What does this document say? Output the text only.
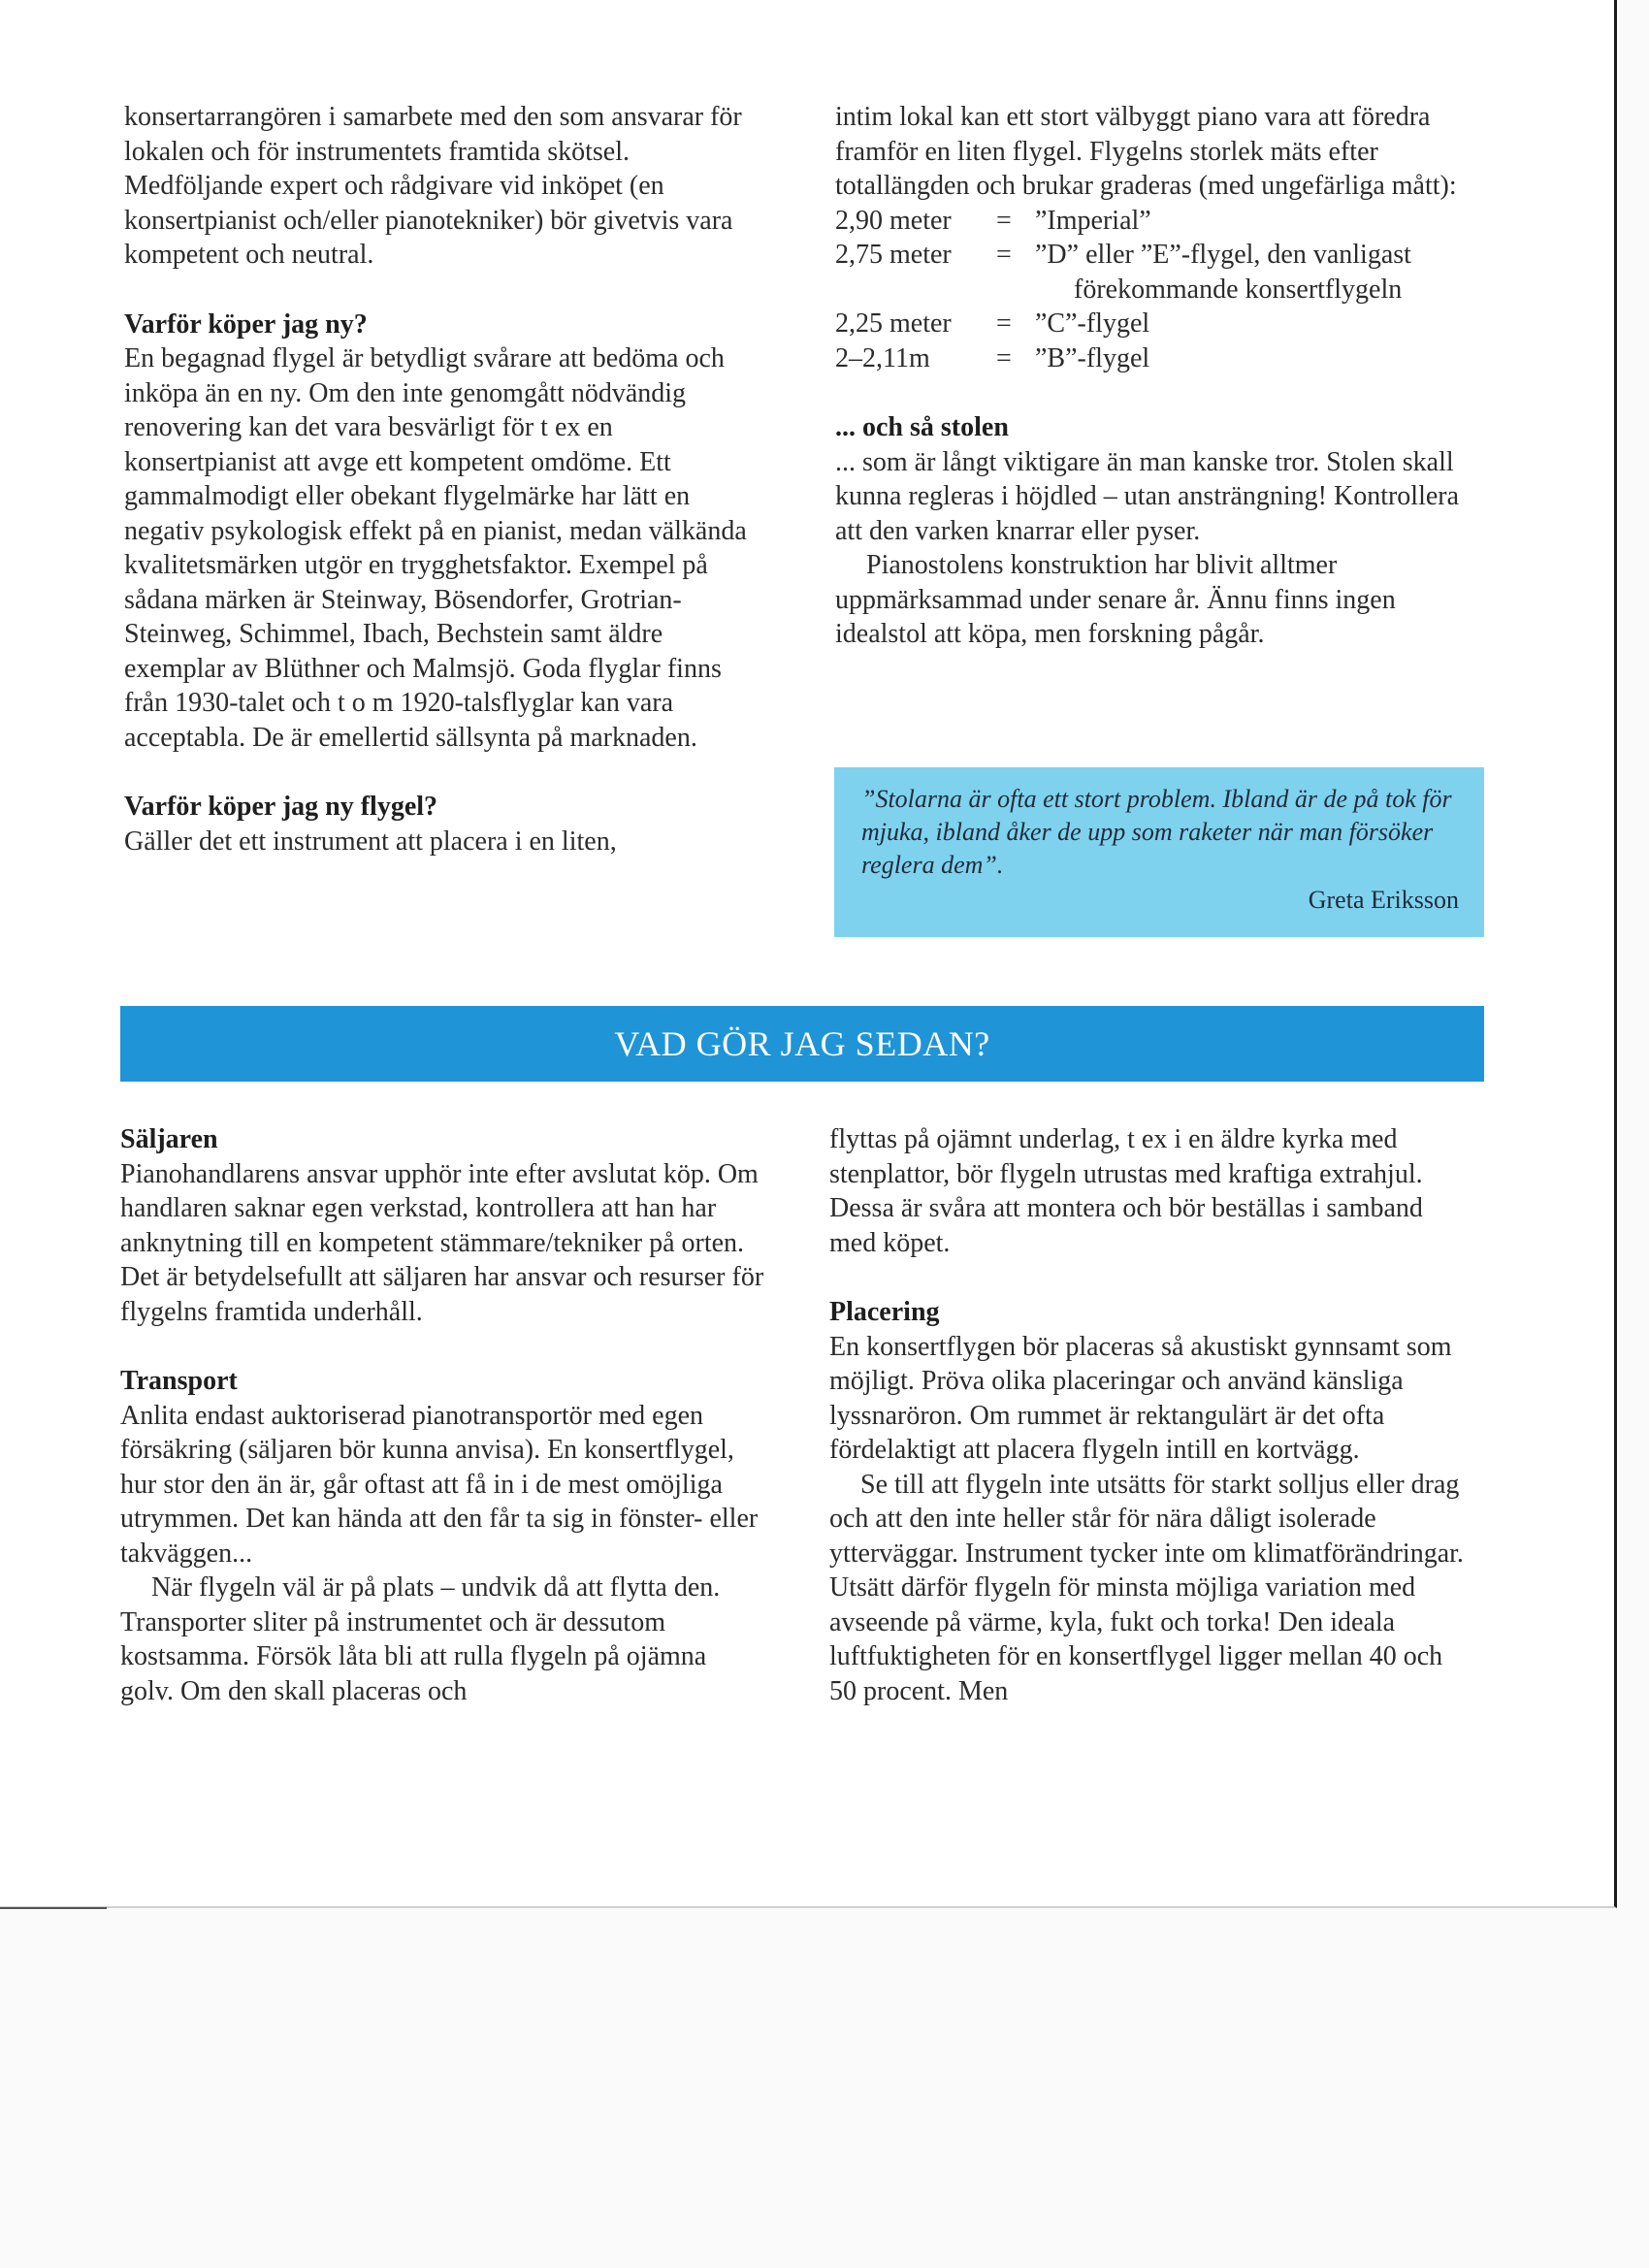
konsertarrangören i samarbete med den som ansvarar för lokalen och för instrumentets framtida skötsel. Medföljande expert och rådgivare vid inköpet (en konsertpianist och/eller pianotekniker) bör givetvis vara kompetent och neutral.

Varför köper jag ny?

En begagnad flygel är betydligt svårare att bedöma och inköpa än en ny. Om den inte genomgått nödvändig renovering kan det vara besvärligt för t ex en konsertpianist att avge ett kompetent omdöme. Ett gammalmodigt eller obekant flygelmärke har lätt en negativ psykologisk effekt på en pianist, medan välkända kvalitetsmärken utgör en trygghetsfaktor. Exempel på sådana märken är Steinway, Bösendorfer, Grotrian-Steinweg, Schimmel, Ibach, Bechstein samt äldre exemplar av Blüthner och Malmsjö. Goda flyglar finns från 1930-talet och t o m 1920-talsflyglar kan vara acceptabla. De är emellertid sällsynta på marknaden.

Varför köper jag ny flygel?

Gäller det ett instrument att placera i en liten,

intim lokal kan ett stort välbyggt piano vara att föredra framför en liten flygel. Flygelns storlek mäts efter totallängden och brukar graderas (med ungefärliga mått):

2,90 meter	= ”Imperial”
2,75 meter	= ”D” eller ”E”-flygel, den vanligast
förekommande konsertflygeln
2,25 meter	= ”C”-flygel
2–2,11m	= ”B”-flygel
... och så stolen

... som är långt viktigare än man kanske tror. Stolen skall kunna regleras i höjdled – utan ansträngning! Kontrollera att den varken knarrar eller pyser.

Pianostolens konstruktion har blivit alltmer uppmärksammad under senare år. Ännu finns ingen idealstol att köpa, men forskning pågår.

”Stolarna är ofta ett stort problem. Ibland är de på tok för mjuka, ibland åker de upp som raketer när man försöker reglera dem”.
Greta Eriksson
VAD GÖR JAG SEDAN?
Säljaren

Pianohandlarens ansvar upphör inte efter avslutat köp. Om handlaren saknar egen verkstad, kontrollera att han har anknytning till en kompetent stämmare/tekniker på orten. Det är betydelsefullt att säljaren har ansvar och resurser för flygelns framtida underhåll.

Transport

Anlita endast auktoriserad pianotransportör med egen försäkring (säljaren bör kunna anvisa). En konsertflygel, hur stor den än är, går oftast att få in i de mest omöjliga utrymmen. Det kan hända att den får ta sig in fönster- eller takväggen...

När flygeln väl är på plats – undvik då att flytta den. Transporter sliter på instrumentet och är dessutom kostsamma. Försök låta bli att rulla flygeln på ojämna golv. Om den skall placeras och

flyttas på ojämnt underlag, t ex i en äldre kyrka med stenplattor, bör flygeln utrustas med kraftiga extrahjul. Dessa är svåra att montera och bör beställas i samband med köpet.

Placering

En konsertflygen bör placeras så akustiskt gynnsamt som möjligt. Pröva olika placeringar och använd känsliga lyssnaröron. Om rummet är rektangulärt är det ofta fördelaktigt att placera flygeln intill en kortvägg.

Se till att flygeln inte utsätts för starkt solljus eller drag och att den inte heller står för nära dåligt isolerade ytterväggar. Instrument tycker inte om klimatförändringar. Utsätt därför flygeln för minsta möjliga variation med avseende på värme, kyla, fukt och torka! Den ideala luftfuktigheten för en konsertflygel ligger mellan 40 och 50 procent. Men
